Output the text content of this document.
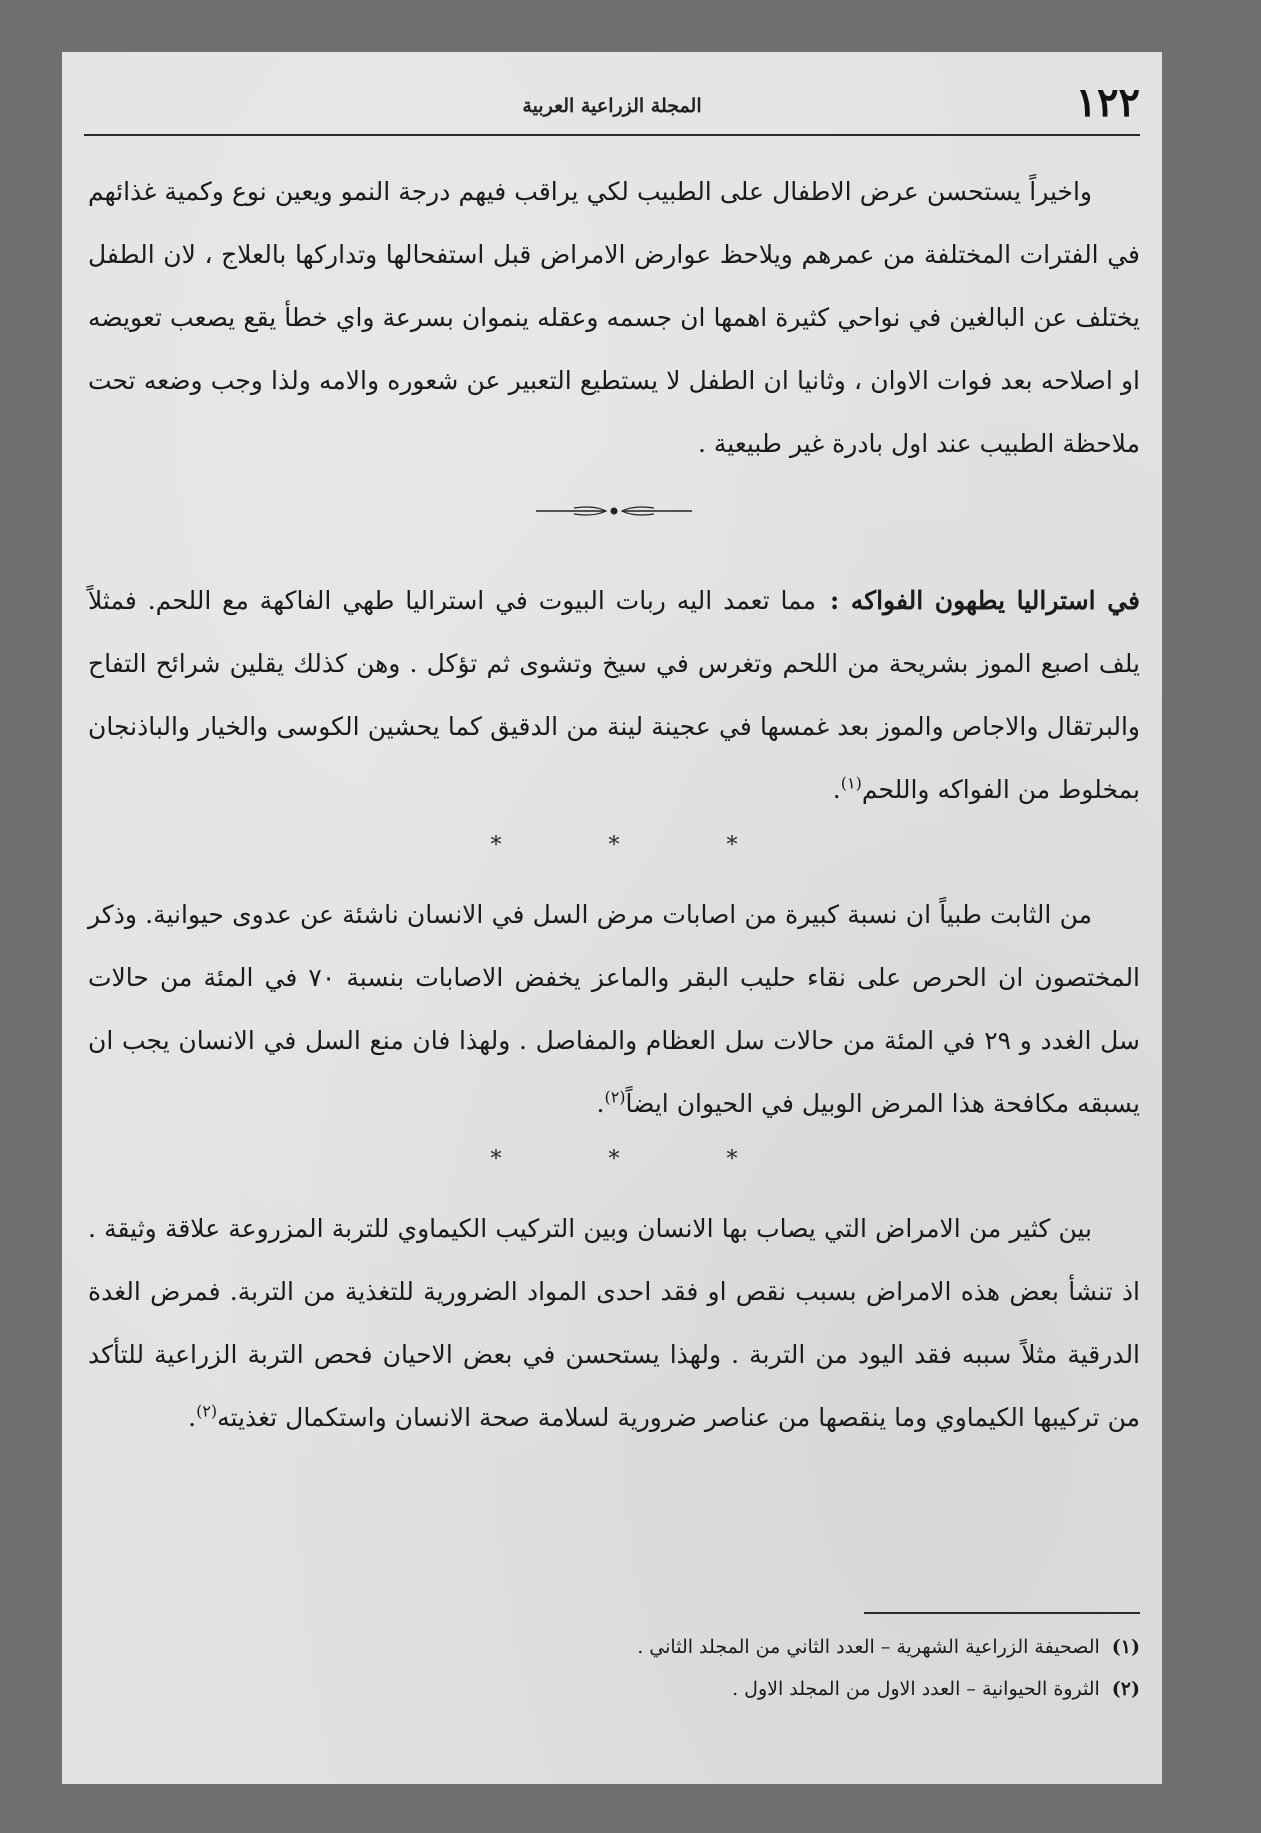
١٢٢
المجلة الزراعية العربية

واخيراً يستحسن عرض الاطفال على الطبيب لكي يراقب فيهم درجة النمو ويعين نوع وكمية غذائهم في الفترات المختلفة من عمرهم ويلاحظ عوارض الامراض قبل استفحالها وتداركها بالعلاج ، لان الطفل يختلف عن البالغين في نواحي كثيرة اهمها ان جسمه وعقله ينموان بسرعة واي خطأ يقع يصعب تعويضه او اصلاحه بعد فوات الاوان ، وثانيا ان الطفل لا يستطيع التعبير عن شعوره والامه ولذا وجب وضعه تحت ملاحظة الطبيب عند اول بادرة غير طبيعية .

في استراليا يطهون الفواكه :مما تعمد اليه ربات البيوت في استراليا طهي الفاكهة مع اللحم. فمثلاً يلف اصبع الموز بشريحة من اللحم وتغرس في سيخ وتشوى ثم تؤكل . وهن كذلك يقلين شرائح التفاح والبرتقال والاجاص والموز بعد غمسها في عجينة لينة من الدقيق كما يحشين الكوسى والخيار والباذنجان بمخلوط من الفواكه واللحم$^{(١)}$.

* * *

من الثابت طبياً ان نسبة كبيرة من اصابات مرض السل في الانسان ناشئة عن عدوى حيوانية. وذكر المختصون ان الحرص على نقاء حليب البقر والماعز يخفض الاصابات بنسبة ٧٠ في المئة من حالات سل الغدد و ٢٩ في المئة من حالات سل العظام والمفاصل . ولهذا فان منع السل في الانسان يجب ان يسبقه مكافحة هذا المرض الوبيل في الحيوان ايضاً$^{(٢)}$.

* * *

بين كثير من الامراض التي يصاب بها الانسان وبين التركيب الكيماوي للتربة المزروعة علاقة وثيقة . اذ تنشأ بعض هذه الامراض بسبب نقص او فقد احدى المواد الضرورية للتغذية من التربة. فمرض الغدة الدرقية مثلاً سببه فقد اليود من التربة . ولهذا يستحسن في بعض الاحيان فحص التربة الزراعية للتأكد من تركيبها الكيماوي وما ينقصها من عناصر ضرورية لسلامة صحة الانسان واستكمال تغذيته$^{(٢)}$.

(١)الصحيفة الزراعية الشهرية – العدد الثاني من المجلد الثاني .
(٢)الثروة الحيوانية – العدد الاول من المجلد الاول .
